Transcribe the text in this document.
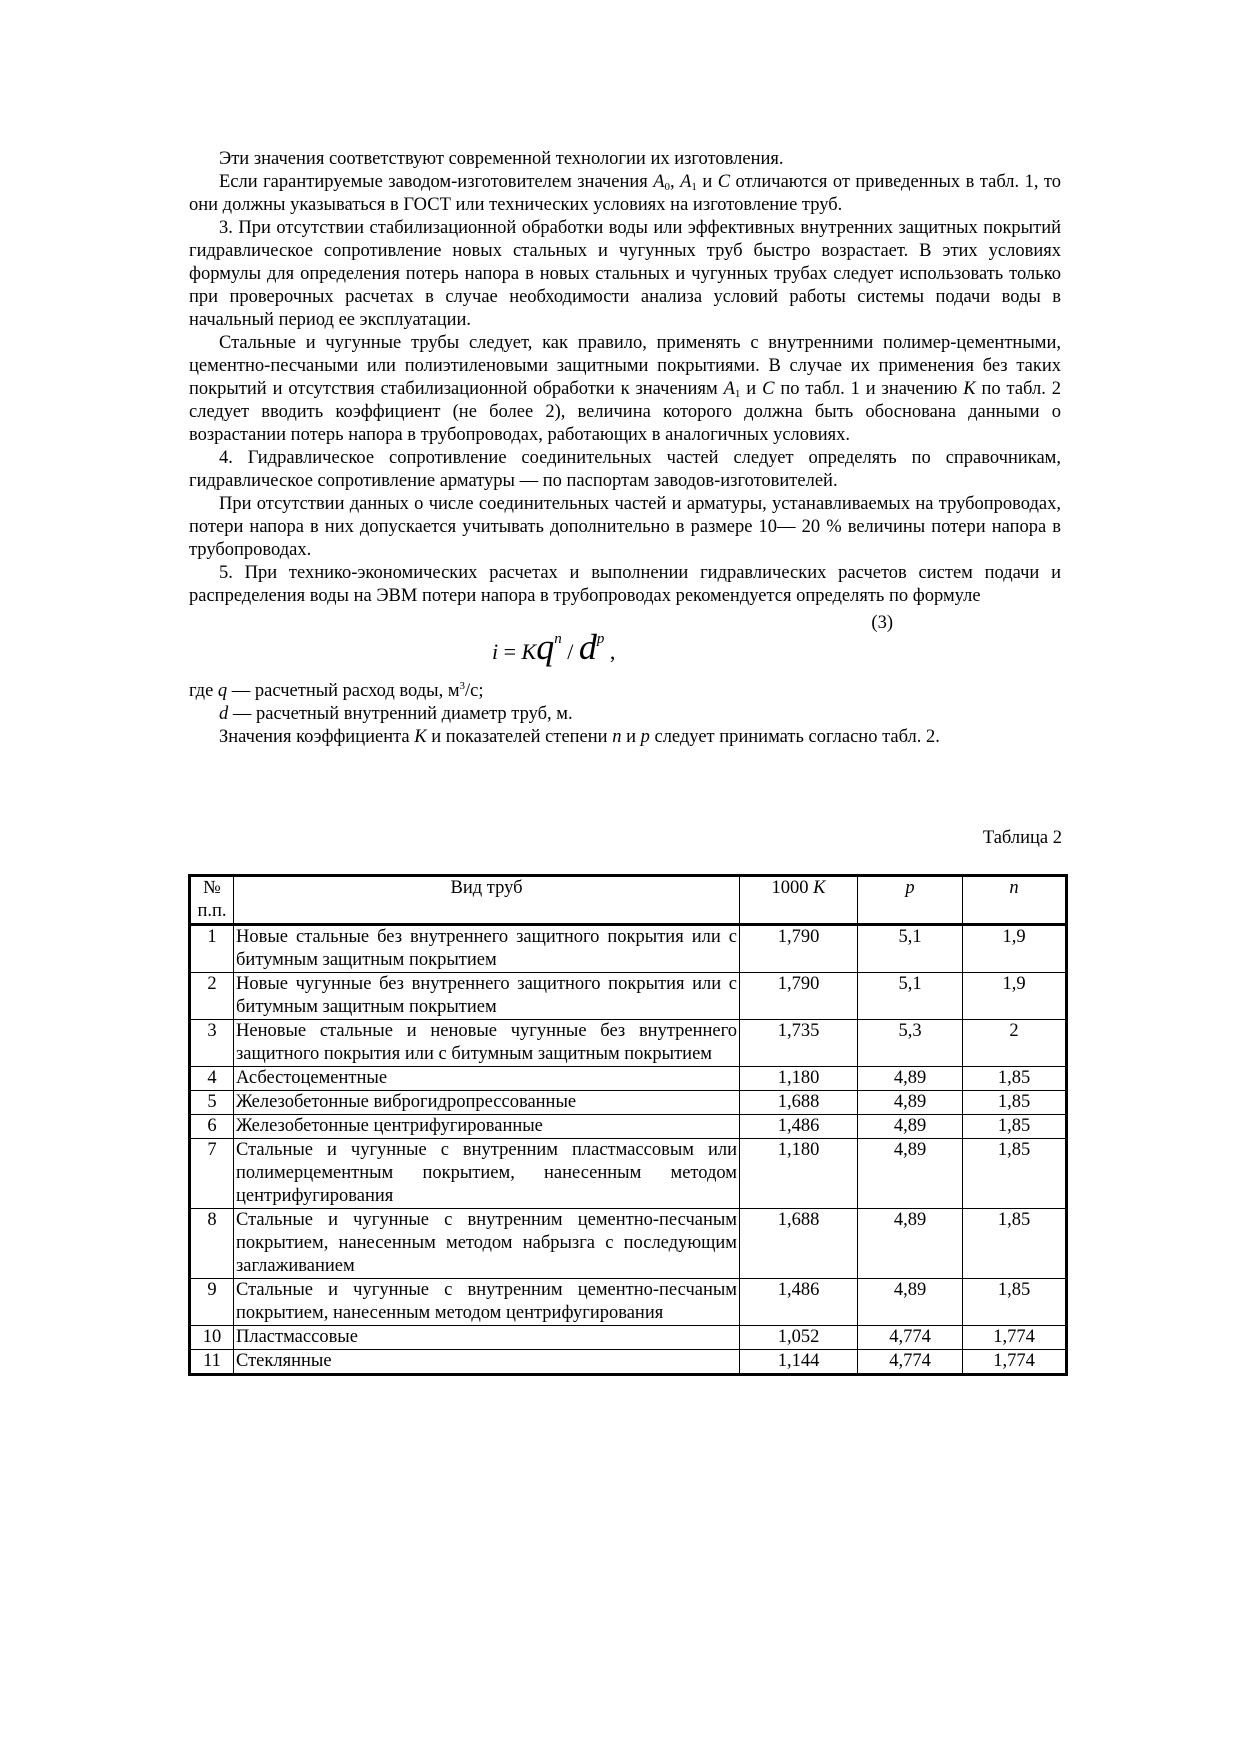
Эти значения соответствуют современной технологии их изготовления.

Если гарантируемые заводом-изготовителем значения $A_0$, $A_1$ и C отличаются от приведенных в табл. 1, то они должны указываться в ГОСТ или технических условиях на изготовление труб.

3. При отсутствии стабилизационной обработки воды или эффективных внутренних защитных покрытий гидравлическое сопротивление новых стальных и чугунных труб быстро возрастает. В этих условиях формулы для определения потерь напора в новых стальных и чугунных трубах следует использовать только при проверочных расчетах в случае необходимости анализа условий работы системы подачи воды в начальный период ее эксплуатации.

Стальные и чугунные трубы следует, как правило, применять с внутренними полимер-цементными, цементно-песчаными или полиэтиленовыми защитными покрытиями. В случае их применения без таких покрытий и отсутствия стабилизационной обработки к значениям $A_1$ и C по табл. 1 и значению K по табл. 2 следует вводить коэффициент (не более 2), величина которого должна быть обоснована данными о возрастании потерь напора в трубопроводах, работающих в аналогичных условиях.

4. Гидравлическое сопротивление соединительных частей следует определять по справочникам, гидравлическое сопротивление арматуры — по паспортам заводов-изготовителей.

При отсутствии данных о числе соединительных частей и арматуры, устанавливаемых на трубопроводах, потери напора в них допускается учитывать дополнительно в размере 10— 20 % величины потери напора в трубопроводах.

5. При технико-экономических расчетах и выполнении гидравлических расчетов систем подачи и распределения воды на ЭВМ потери напора в трубопроводах рекомендуется определять по формуле

(3)
$i = Kq^n / d^p$ ,

где q — расчетный расход воды, $м^3/с$;

d — расчетный внутренний диаметр труб, м.

Значения коэффициента K и показателей степени n и p следует принимать согласно табл. 2.

Таблица 2
№ п.п.	Вид труб	1000 K	p	n
1	Новые стальные без внутреннего защитного покрытия или с битумным защитным покрытием	1,790	5,1	1,9
2	Новые чугунные без внутреннего защитного покрытия или с битумным защитным покрытием	1,790	5,1	1,9
3	Неновые стальные и неновые чугунные без внутреннего защитного покрытия или с битумным защитным покрытием	1,735	5,3	2
4	Асбестоцементные	1,180	4,89	1,85
5	Железобетонные виброгидропрессованные	1,688	4,89	1,85
6	Железобетонные центрифугированные	1,486	4,89	1,85
7	Стальные и чугунные с внутренним пластмассовым или полимерцементным покрытием, нанесенным методом центрифугирования	1,180	4,89	1,85
8	Стальные и чугунные с внутренним цементно-песчаным покрытием, нанесенным методом набрызга с последующим заглаживанием	1,688	4,89	1,85
9	Стальные и чугунные с внутренним цементно-песчаным покрытием, нанесенным методом центрифугирования	1,486	4,89	1,85
10	Пластмассовые	1,052	4,774	1,774
11	Стеклянные	1,144	4,774	1,774
